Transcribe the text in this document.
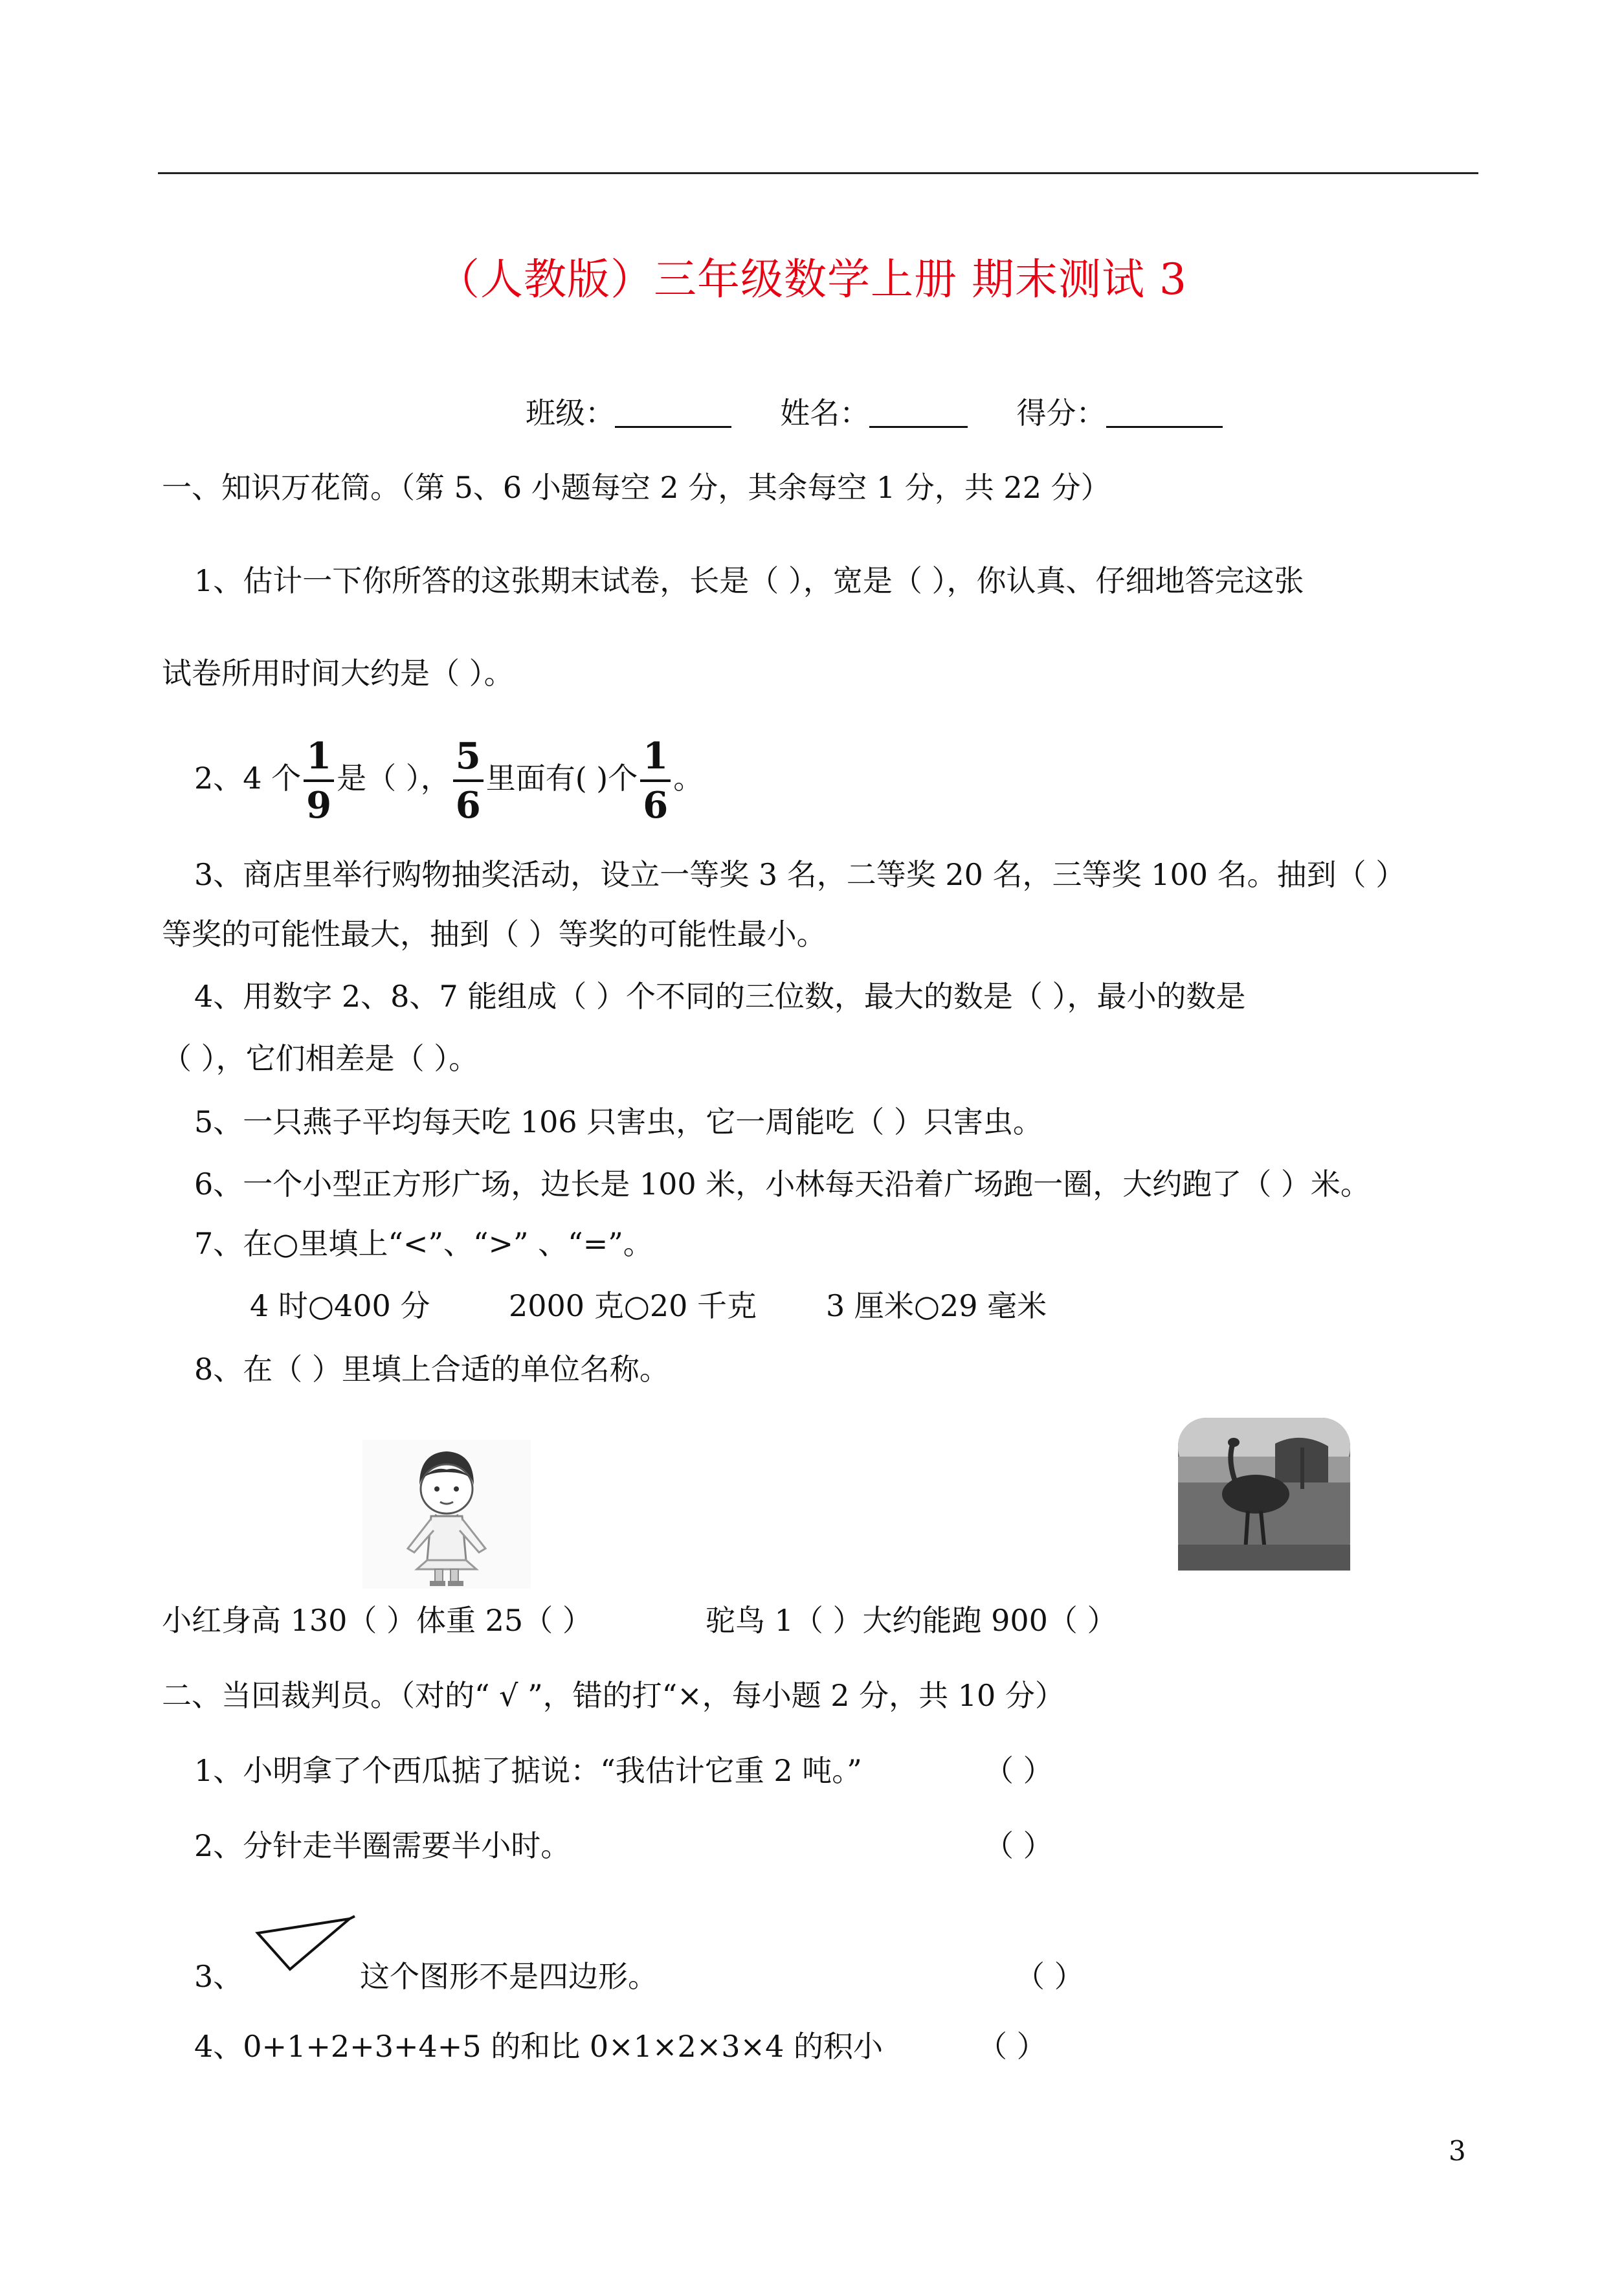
（人教版）三年级数学上册 期末测试 3
班级：	姓名：	得分：
一、知识万花筒。（第 5、6 小题每空 2 分，其余每空 1 分，共 22 分）
1、估计一下你所答的这张期末试卷，长是（ ），宽是（ ），你认真、仔细地答完这张
试卷所用时间大约是（ ）。
2、4 个 $\frac{1}{9}$ 是（ ）， $\frac{5}{6}$ 里面有( )个 $\frac{1}{6}$ 。
3、商店里举行购物抽奖活动，设立一等奖 3 名，二等奖 20 名，三等奖 100 名。抽到（ ）
等奖的可能性最大，抽到（ ）等奖的可能性最小。
4、用数字 2、8、7 能组成（ ）个不同的三位数，最大的数是（ ），最小的数是
（ ），它们相差是（ ）。
5、一只燕子平均每天吃 106 只害虫，它一周能吃（ ）只害虫。
6、一个小型正方形广场，边长是 100 米，小林每天沿着广场跑一圈，大约跑了（ ）米。
7、在○里填上“<”、“>” 、“=”。
4 时○400 分	2000 克○20 千克 3 厘米○29 毫米
8、在（ ）里填上合适的单位名称。
小红身高 130（ ）体重 25（ ）	驼鸟 1（ ）大约能跑 900（ ）
二、当回裁判员。（对的“ √ ”，错的打“×，每小题 2 分，共 10 分）
1、小明拿了个西瓜掂了掂说：“我估计它重 2 吨。”	（ ）
2、分针走半圈需要半小时。	（ ）
3、	这个图形不是四边形。	（ ）
4、0+1+2+3+4+5 的和比 0×1×2×3×4 的积小	（ ）
3
